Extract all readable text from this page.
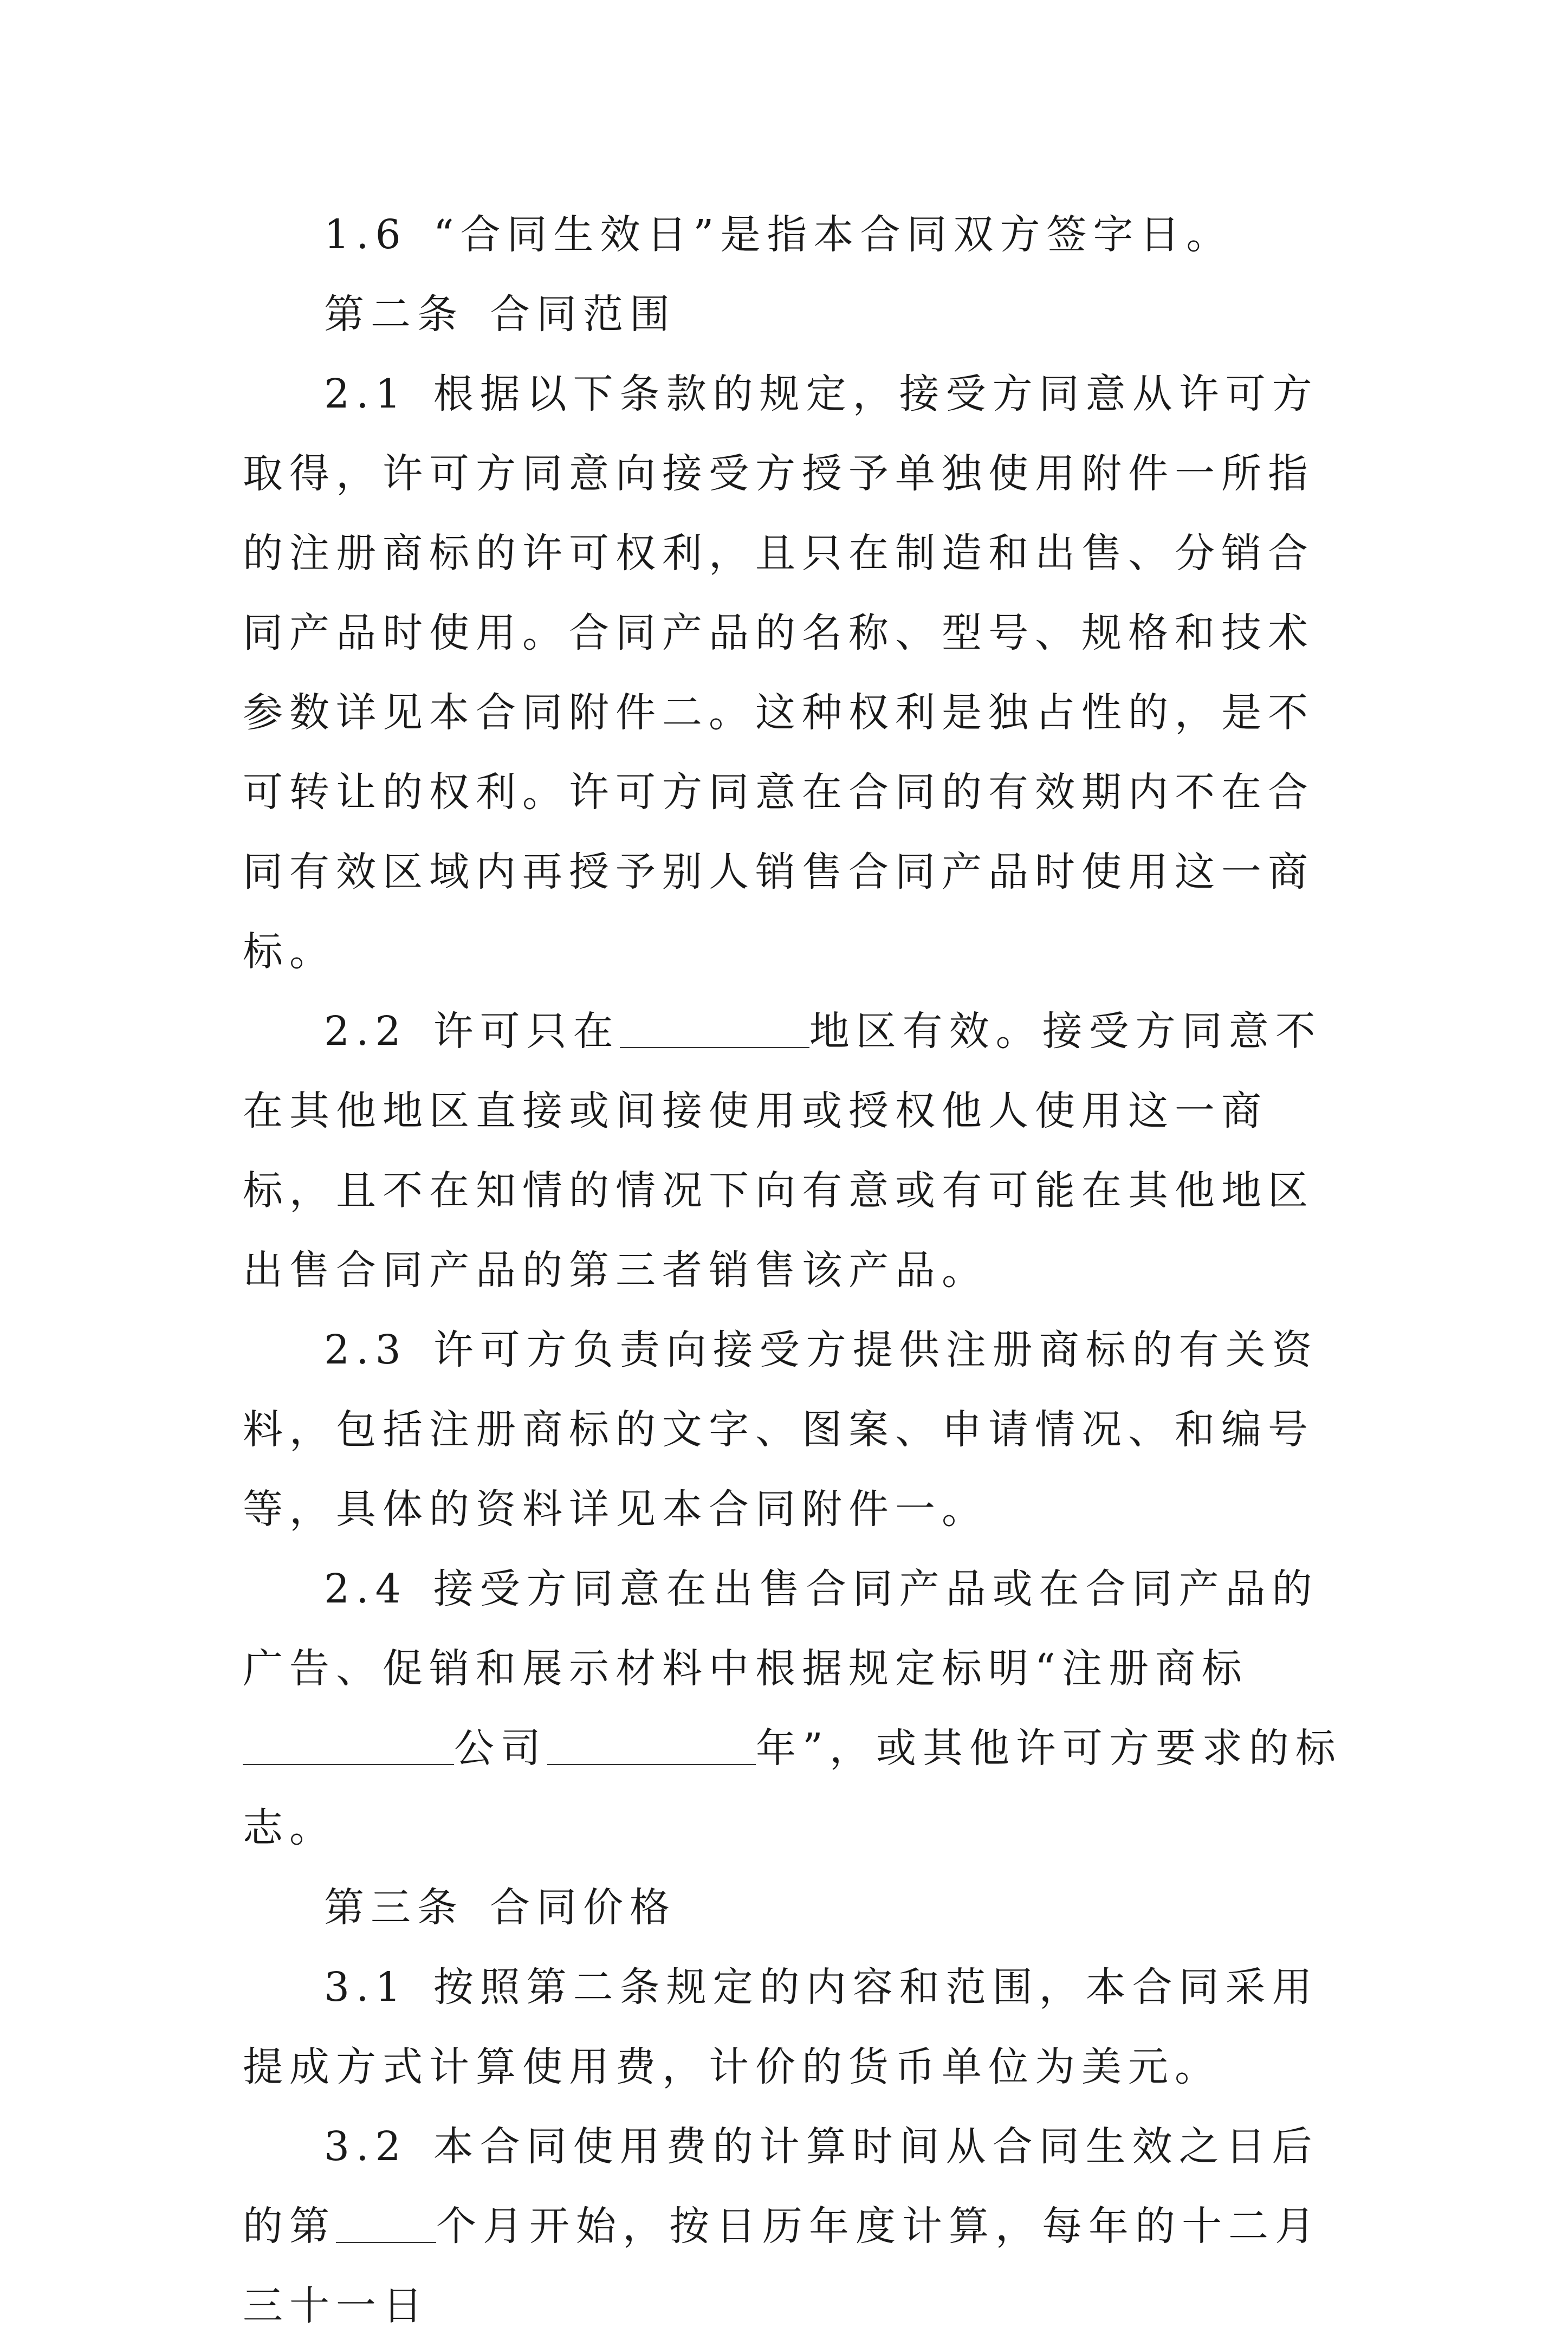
1.6 “合同生效日”是指本合同双方签字日。

第二条 合同范围

2.1 根据以下条款的规定，接受方同意从许可方取得，许可方同意向接受方授予单独使用附件一所指的注册商标的许可权利，且只在制造和出售、分销合同产品时使用。合同产品的名称、型号、规格和技术参数详见本合同附件二。这种权利是独占性的，是不可转让的权利。许可方同意在合同的有效期内不在合同有效区域内再授予别人销售合同产品时使用这一商标。

2.2 许可只在	地区有效。接受方同意不在其他地区直接或间接使用或授权他人使用这一商标，且不在知情的情况下向有意或有可能在其他地区出售合同产品的第三者销售该产品。

2.3 许可方负责向接受方提供注册商标的有关资料，包括注册商标的文字、图案、申请情况、和编号等，具体的资料详见本合同附件一。

2.4 接受方同意在出售合同产品或在合同产品的广告、促销和展示材料中根据规定标明“注册商标公司	年”，或其他许可方要求的标志。

第三条 合同价格

3.1 按照第二条规定的内容和范围，本合同采用提成方式计算使用费，计价的货币单位为美元。

3.2 本合同使用费的计算时间从合同生效之日后的第	个月开始，按日历年度计算，每年的十二月三十一日
